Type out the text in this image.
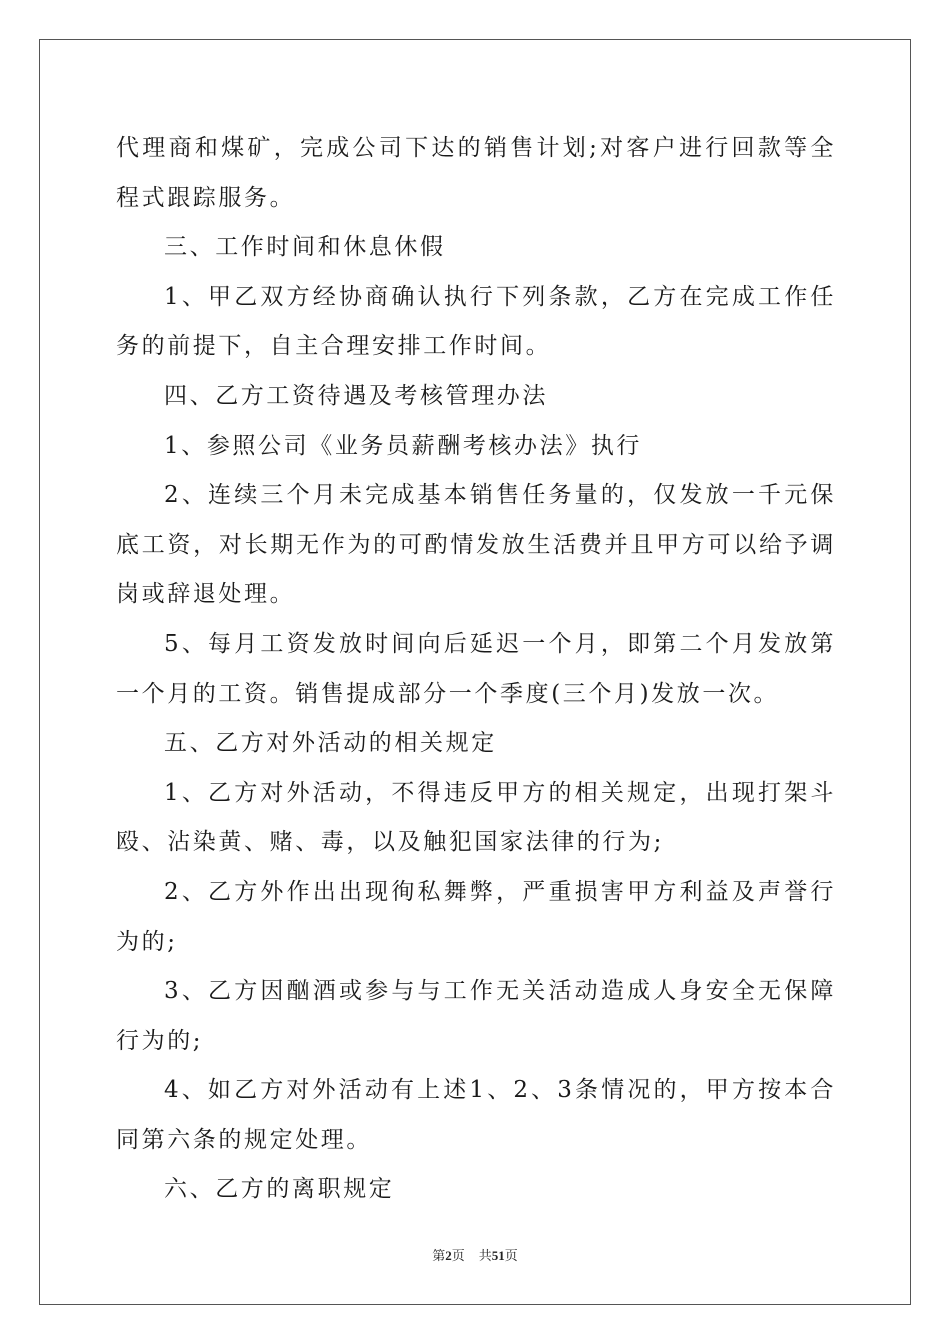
代理商和煤矿，完成公司下达的销售计划;对客户进行回款等全程式跟踪服务。

三、工作时间和休息休假

1、甲乙双方经协商确认执行下列条款，乙方在完成工作任务的前提下，自主合理安排工作时间。

四、乙方工资待遇及考核管理办法

1、参照公司《业务员薪酬考核办法》执行

2、连续三个月未完成基本销售任务量的，仅发放一千元保底工资，对长期无作为的可酌情发放生活费并且甲方可以给予调岗或辞退处理。

5、每月工资发放时间向后延迟一个月，即第二个月发放第一个月的工资。销售提成部分一个季度(三个月)发放一次。

五、乙方对外活动的相关规定

1、乙方对外活动，不得违反甲方的相关规定，出现打架斗殴、沾染黄、赌、毒，以及触犯国家法律的行为;

2、乙方外作出出现徇私舞弊，严重损害甲方利益及声誉行为的;

3、乙方因酗酒或参与与工作无关活动造成人身安全无保障行为的;

4、如乙方对外活动有上述1、2、3条情况的，甲方按本合同第六条的规定处理。

六、乙方的离职规定

第2页 共51页
